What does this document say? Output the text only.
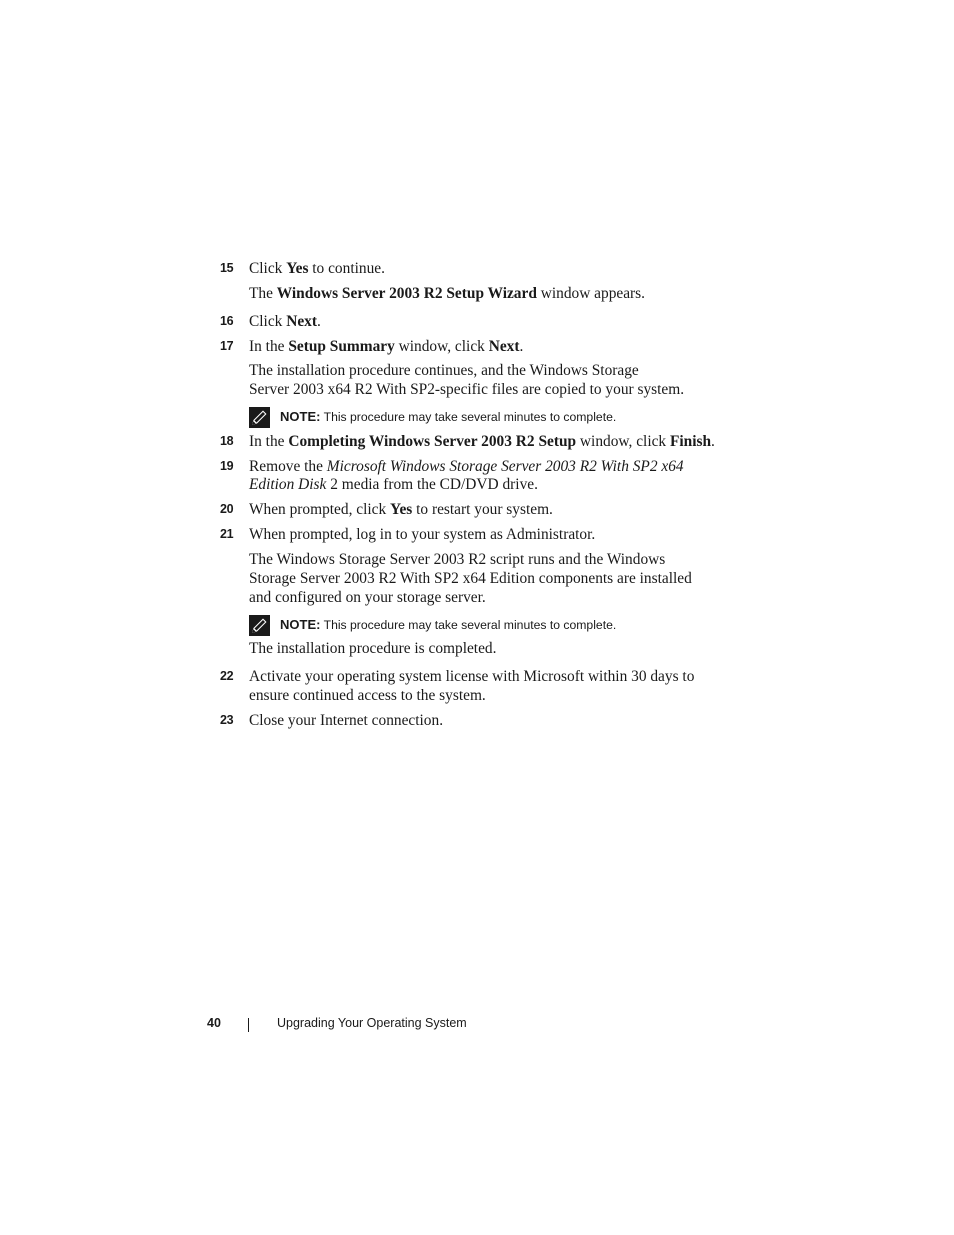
15	Click Yes to continue.
The Windows Server 2003 R2 Setup Wizard window appears.
16	Click Next.
17	In the Setup Summary window, click Next.
The installation procedure continues, and the Windows Storage
Server 2003 x64 R2 With SP2-specific files are copied to your system.
NOTE: This procedure may take several minutes to complete.
18	In the Completing Windows Server 2003 R2 Setup window, click Finish.
19	Remove the Microsoft Windows Storage Server 2003 R2 With SP2 x64
Edition Disk 2 media from the CD/DVD drive.
20	When prompted, click Yes to restart your system.
21	When prompted, log in to your system as Administrator.
The Windows Storage Server 2003 R2 script runs and the Windows
Storage Server 2003 R2 With SP2 x64 Edition components are installed
and configured on your storage server.
NOTE: This procedure may take several minutes to complete.
The installation procedure is completed.
22	Activate your operating system license with Microsoft within 30 days to
ensure continued access to the system.
23	Close your Internet connection.
40	Upgrading Your Operating System
